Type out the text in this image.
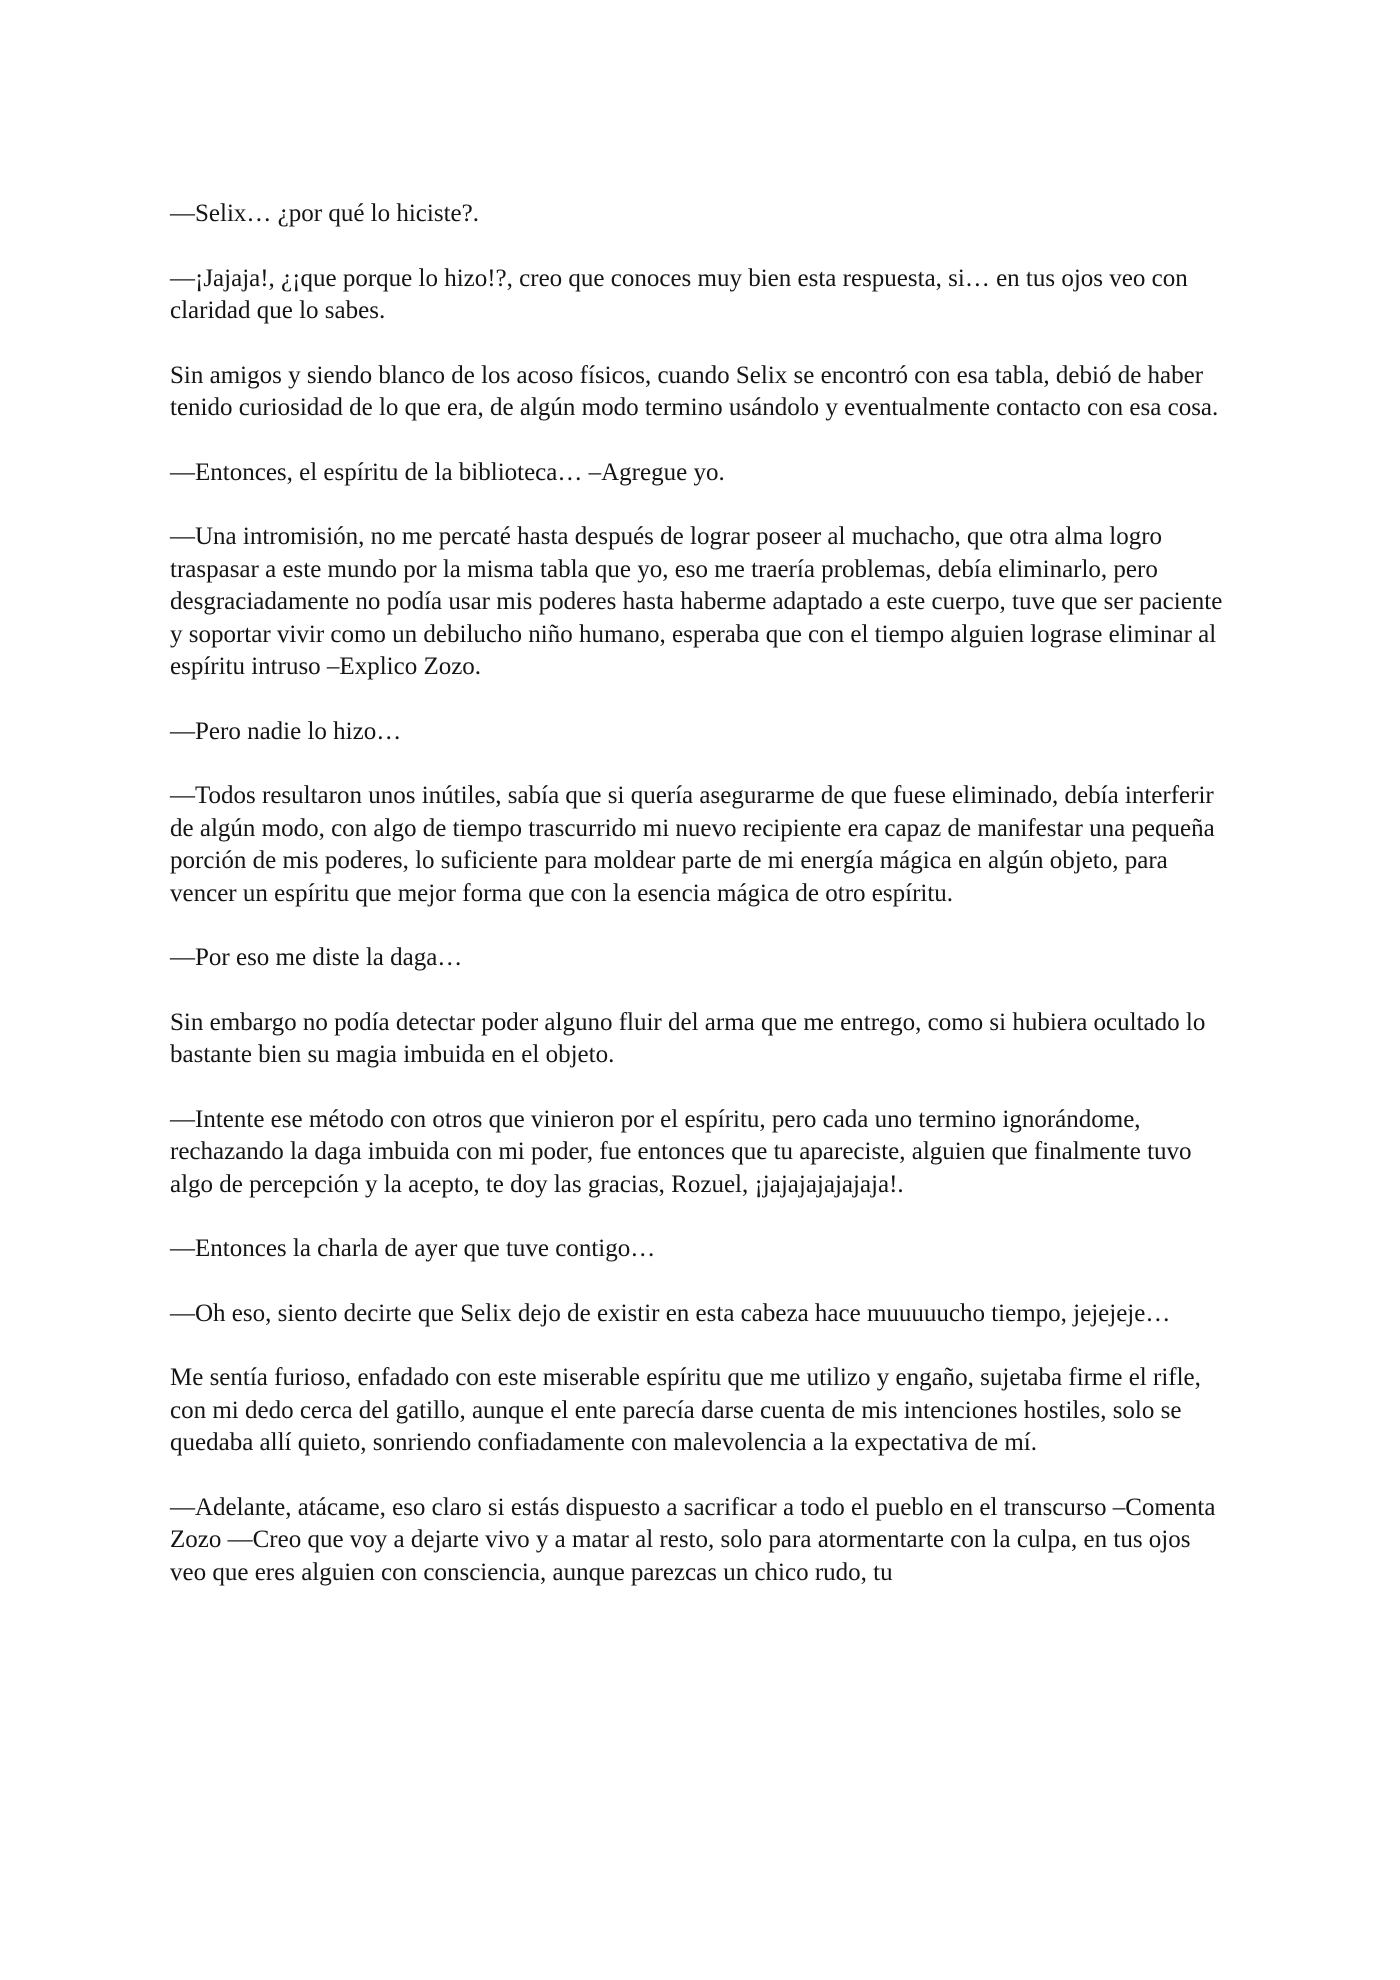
—Selix… ¿por qué lo hiciste?.

—¡Jajaja!, ¿¡que porque lo hizo!?, creo que conoces muy bien esta respuesta, si… en tus ojos veo con claridad que lo sabes.

Sin amigos y siendo blanco de los acoso físicos, cuando Selix se encontró con esa tabla, debió de haber tenido curiosidad de lo que era, de algún modo termino usándolo y eventualmente contacto con esa cosa.

—Entonces, el espíritu de la biblioteca… –Agregue yo.

—Una intromisión, no me percaté hasta después de lograr poseer al muchacho, que otra alma logro traspasar a este mundo por la misma tabla que yo, eso me traería problemas, debía eliminarlo, pero desgraciadamente no podía usar mis poderes hasta haberme adaptado a este cuerpo, tuve que ser paciente y soportar vivir como un debilucho niño humano, esperaba que con el tiempo alguien lograse eliminar al espíritu intruso –Explico Zozo.

—Pero nadie lo hizo…

—Todos resultaron unos inútiles, sabía que si quería asegurarme de que fuese eliminado, debía interferir de algún modo, con algo de tiempo trascurrido mi nuevo recipiente era capaz de manifestar una pequeña porción de mis poderes, lo suficiente para moldear parte de mi energía mágica en algún objeto, para vencer un espíritu que mejor forma que con la esencia mágica de otro espíritu.

—Por eso me diste la daga…

Sin embargo no podía detectar poder alguno fluir del arma que me entrego, como si hubiera ocultado lo bastante bien su magia imbuida en el objeto.

—Intente ese método con otros que vinieron por el espíritu, pero cada uno termino ignorándome, rechazando la daga imbuida con mi poder, fue entonces que tu apareciste, alguien que finalmente tuvo algo de percepción y la acepto, te doy las gracias, Rozuel, ¡jajajajajajaja!.

—Entonces la charla de ayer que tuve contigo…

—Oh eso, siento decirte que Selix dejo de existir en esta cabeza hace muuuuucho tiempo, jejejeje…

Me sentía furioso, enfadado con este miserable espíritu que me utilizo y engaño, sujetaba firme el rifle, con mi dedo cerca del gatillo, aunque el ente parecía darse cuenta de mis intenciones hostiles, solo se quedaba allí quieto, sonriendo confiadamente con malevolencia a la expectativa de mí.

—Adelante, atácame, eso claro si estás dispuesto a sacrificar a todo el pueblo en el transcurso –Comenta Zozo —Creo que voy a dejarte vivo y a matar al resto, solo para atormentarte con la culpa, en tus ojos veo que eres alguien con consciencia, aunque parezcas un chico rudo, tu
